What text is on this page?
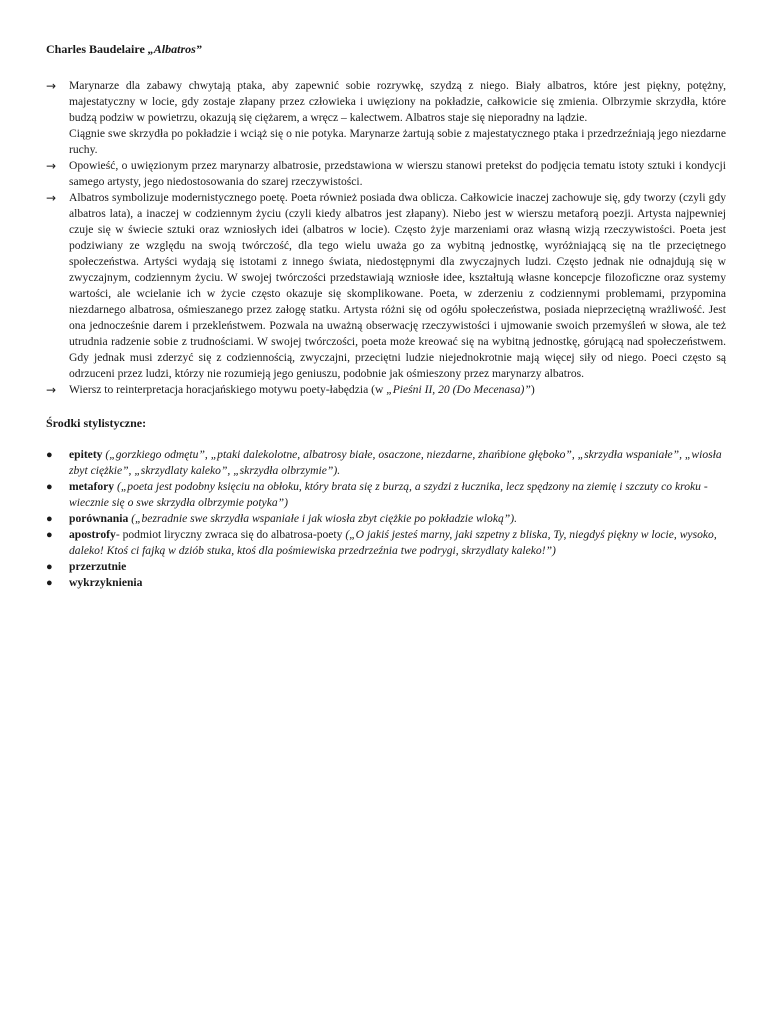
Charles Baudelaire „Albatros”
→	Marynarze dla zabawy chwytają ptaka, aby zapewnić sobie rozrywkę, szydzą z niego. Biały albatros, które jest piękny, potężny, majestatyczny w locie, gdy zostaje złapany przez człowieka i uwięziony na pokładzie, całkowicie się zmienia. Olbrzymie skrzydła, które budzą podziw w powietrzu, okazują się ciężarem, a wręcz – kalectwem. Albatros staje się nieporadny na lądzie.

Ciągnie swe skrzydła po pokładzie i wciąż się o nie potyka. Marynarze żartują sobie z majestatycznego ptaka i przedrzeźniają jego niezdarne ruchy.

→	Opowieść, o uwięzionym przez marynarzy albatrosie, przedstawiona w wierszu stanowi pretekst do podjęcia tematu istoty sztuki i kondycji samego artysty, jego niedostosowania do szarej rzeczywistości.

→	Albatros symbolizuje modernistycznego poetę. Poeta również posiada dwa oblicza. Całkowicie inaczej zachowuje się, gdy tworzy (czyli gdy albatros lata), a inaczej w codziennym życiu (czyli kiedy albatros jest złapany). Niebo jest w wierszu metaforą poezji. Artysta najpewniej czuje się w świecie sztuki oraz wzniosłych idei (albatros w locie). Często żyje marzeniami oraz własną wizją rzeczywistości. Poeta jest podziwiany ze względu na swoją twórczość, dla tego wielu uważa go za wybitną jednostkę, wyróżniającą się na tle przeciętnego społeczeństwa. Artyści wydają się istotami z innego świata, niedostępnymi dla zwyczajnych ludzi. Często jednak nie odnajdują się w zwyczajnym, codziennym życiu. W swojej twórczości przedstawiają wzniosłe idee, kształtują własne koncepcje filozoficzne oraz systemy wartości, ale wcielanie ich w życie często okazuje się skomplikowane. Poeta, w zderzeniu z codziennymi problemami, przypomina niezdarnego albatrosa, ośmieszanego przez załogę statku. Artysta różni się od ogółu społeczeństwa, posiada nieprzeciętną wrażliwość. Jest ona jednocześnie darem i przekleństwem. Pozwala na uważną obserwację rzeczywistości i ujmowanie swoich przemyśleń w słowa, ale też utrudnia radzenie sobie z trudnościami. W swojej twórczości, poeta może kreować się na wybitną jednostkę, górującą nad społeczeństwem. Gdy jednak musi zderzyć się z codziennością, zwyczajni, przeciętni ludzie niejednokrotnie mają więcej siły od niego. Poeci często są odrzuceni przez ludzi, którzy nie rozumieją jego geniuszu, podobnie jak ośmieszony przez marynarzy albatros.

→	Wiersz to reinterpretacja horacjańskiego motywu poety-łabędzia (w „Pieśni II, 20 (Do Mecenasa)”)

Środki stylistyczne:
●	epitety („gorzkiego odmętu”, „ptaki dalekolotne, albatrosy białe, osaczone, niezdarne, zhańbione głęboko”, „skrzydła wspaniałe”, „wiosła zbyt ciężkie”, „skrzydlaty kaleko”, „skrzydła olbrzymie”).
●	metafory („poeta jest podobny księciu na obłoku, który brata się z burzą, a szydzi z łucznika, lecz spędzony na ziemię i szczuty co kroku - wiecznie się o swe skrzydła olbrzymie potyka”)
●	porównania („bezradnie swe skrzydła wspaniałe i jak wiosła zbyt ciężkie po pokładzie wloką”).
●	apostrofy- podmiot liryczny zwraca się do albatrosa-poety („O jakiś jesteś marny, jaki szpetny z bliska, Ty, niegdyś piękny w locie, wysoko, daleko! Ktoś ci fajką w dziób stuka, ktoś dla pośmiewiska przedrzeźnia twe podrygi, skrzydlaty kaleko!”)
●	przerzutnie
●	wykrzyknienia
